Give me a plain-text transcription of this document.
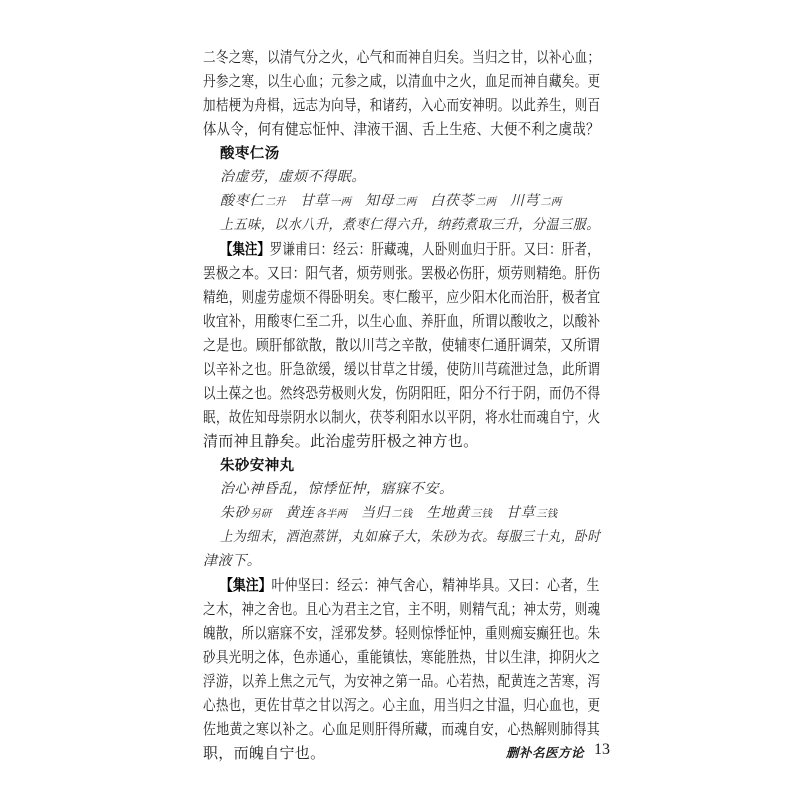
二冬之寒，以清气分之火，心气和而神自归矣。当归之甘，以补心血；
丹参之寒，以生心血；元参之咸，以清血中之火，血足而神自藏矣。更
加桔梗为舟楫，远志为向导，和诸药，入心而安神明。以此养生，则百
体从令，何有健忘怔忡、津液干涸、舌上生疮、大便不利之虞哉？
酸枣仁汤
治虚劳，虚烦不得眠。
酸枣仁二升 甘草一两 知母二两 白茯苓二两 川芎二两
上五味，以水八升，煮枣仁得六升，纳药煮取三升，分温三服。
【集注】罗谦甫曰：经云：肝藏魂，人卧则血归于肝。又曰：肝者，
罢极之本。又曰：阳气者，烦劳则张。罢极必伤肝，烦劳则精绝。肝伤
精绝，则虚劳虚烦不得卧明矣。枣仁酸平，应少阳木化而治肝，极者宜
收宜补，用酸枣仁至二升，以生心血、养肝血，所谓以酸收之，以酸补
之是也。顾肝郁欲散，散以川芎之辛散，使辅枣仁通肝调荣，又所谓
以辛补之也。肝急欲缓，缓以甘草之甘缓，使防川芎疏泄过急，此所谓
以土葆之也。然终恐劳极则火发，伤阴阳旺，阳分不行于阴，而仍不得
眠，故佐知母崇阴水以制火，茯苓利阳水以平阴，将水壮而魂自宁，火
清而神且静矣。此治虚劳肝极之神方也。
朱砂安神丸
治心神昏乱，惊悸怔忡，寤寐不安。
朱砂另研 黄连各半两 当归二钱 生地黄三钱 甘草三钱
上为细末，酒泡蒸饼，丸如麻子大，朱砂为衣。每服三十丸，卧时
津液下。
【集注】叶仲坚曰：经云：神气舍心，精神毕具。又曰：心者，生
之木，神之舍也。且心为君主之官，主不明，则精气乱；神太劳，则魂
魄散，所以寤寐不安，淫邪发梦。轻则惊悸怔忡，重则痴妄癫狂也。朱
砂具光明之体，色赤通心，重能镇怯，寒能胜热，甘以生津，抑阴火之
浮游，以养上焦之元气，为安神之第一品。心若热，配黄连之苦寒，泻
心热也，更佐甘草之甘以泻之。心主血，用当归之甘温，归心血也，更
佐地黄之寒以补之。心血足则肝得所藏，而魂自安，心热解则肺得其
职，而魄自宁也。	删补名医方论 13
